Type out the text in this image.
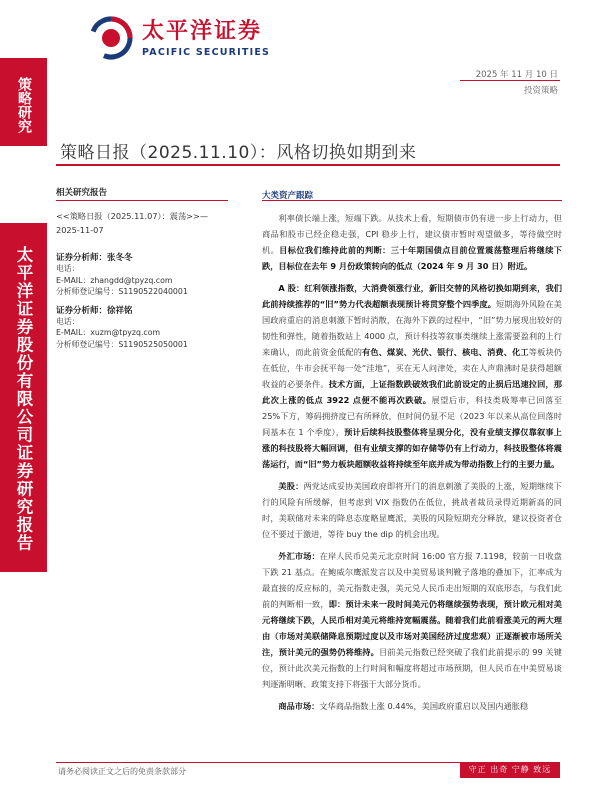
策略研究
太平洋证券股份有限公司证券研究报告
太平洋证券
PACIFIC SECURITIES
2025 年 11 月 10 日
投资策略
策略日报（2025.11.10）：风格切换如期到来
相关研究报告
<<策略日报（2025.11.07）：震荡>>—2025-11-07
证券分析师：张冬冬
电话：
E-MAIL：zhangdd@tpyzq.com
分析师登记编号：S1190522040001
证券分析师：徐祥铭
电话：
E-MAIL：xuzm@tpyzq.com
分析师登记编号：S1190525050001
大类资产跟踪

利率债长端上涨，短端下跌。从技术上看，短期债市仍有进一步上行动力，但商品和股市已经企稳走强，CPI 稳步上行，建议债市暂时观望做多，等待做空时机。目标位我们维持此前的判断：三十年期国债点目前位置震荡整理后将继续下跌，目标位在去年 9 月份政策转向的低点（2024 年 9 月 30 日）附近。

A 股：红利领涨指数，大消费领涨行业，新旧交替的风格切换如期到来，我们此前持续推荐的“旧”势力代表超额表现预计将贯穿整个四季度。短期海外风险在美国政府重启的消息刺激下暂时消散，在海外下跌的过程中，“旧”势力展现出较好的韧性和弹性，随着指数站上 4000 点，预计科技等叙事类继续上涨需要盈利的上行来确认，而此前资金低配的有色、煤炭、光伏、银行、核电、消费、化工等板块仍在低位，牛市会抚平每一处“洼地”，买在无人问津处，卖在人声鼎沸时是获得超额收益的必要条件。技术方面，上证指数跌破效我们此前设定的止损后迅速拉回，那此次上涨的低点 3922 点便不能再次跌破。展望后市，科技类吸筹率已回落至 25%下方，筹码拥挤度已有所释放，但时间仍显不足（2023 年以来从高位回落时间基本在 1 个季度），预计后续科技股整体将呈现分化，没有业绩支撑仅靠叙事上涨的科技股将大幅回调，但有业绩支撑的如存储等仍有上行动力，科技股整体将震荡运行，而“旧”势力板块超额收益将持续至年底并成为带动指数上行的主要力量。

美股：两党达成妥协美国政府即将开门的消息刺激了美股的上涨，短期继续下行的风险有所缓解，但考虑到 VIX 指数仍在低位，挑战者裁员录得近期新高的同时，美联储对未来的降息态度略显鹰派，美股的风险短期充分释放，建议投资者仓位不要过于激进，等待 buy the dip 的机会出现。

外汇市场：在岸人民币兑美元北京时间 16:00 官方报 7.1198，较前一日收盘下跌 21 基点。在鲍威尔鹰派发言以及中美贸易谈判靴子落地的叠加下，汇率成为最直接的反应标的，美元指数走强，美元兑人民币走出短期的双底形态，与我们此前的判断相一致，即：预计未来一段时间美元仍将继续强势表现，预计欧元相对美元将继续下跌，人民币相对美元将维持宽幅震荡。随着我们此前看涨美元的两大理由（市场对美联储降息预期过度以及市场对美国经济过度悲观）正逐渐被市场所关注，预计美元的强势仍将维持。目前美元指数已经突破了我们此前提示的 99 关键位，预计此次美元指数的上行时间和幅度将超过市场预期，但人民币在中美贸易谈判逐渐明晰、政策支持下将强于大部分货币。

商品市场：文华商品指数上涨 0.44%，美国政府重启以及国内通胀稳

请务必阅读正文之后的免责条款部分	守正 出奇 宁静 致远
